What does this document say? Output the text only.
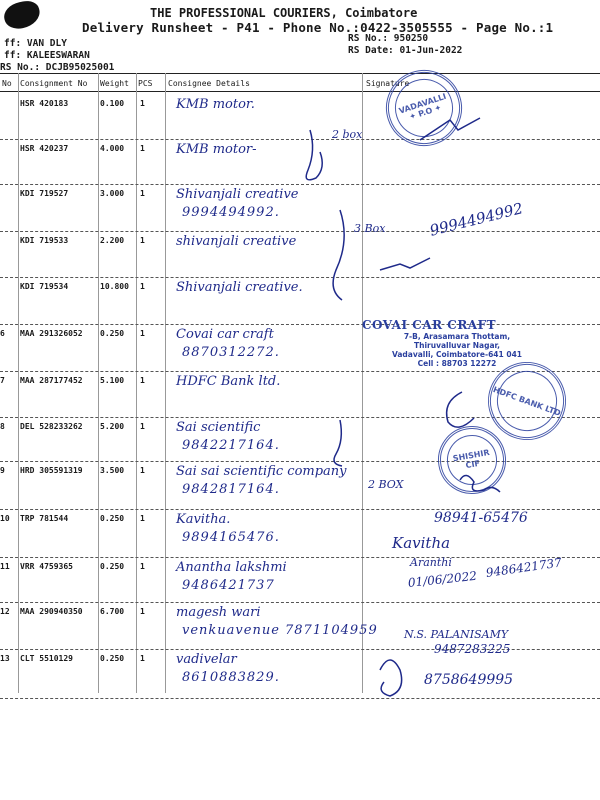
THE PROFESSIONAL COURIERS, Coimbatore
Delivery Runsheet - P41 - Phone No.:0422-3505555 - Page No.:1
ff: VAN DLY
ff: KALEESWARAN
RS No.: DCJB95025001
RS No.: 950250
RS Date: 01-Jun-2022
No Consignment No Weight PCS Consignee Details	Signature
HSR 420183	0.100 1 KMB motor.
HSR 420237	4.000 1 KMB motor-
KDI 719527	3.000 1 Shivanjali creative
9994494992.
KDI 719533	2.200 1 shivanjali creative
KDI 719534	10.800 1 Shivanjali creative.
6 MAA 291326052 0.250 1 Covai car craft
8870312272.
7 MAA 287177452 5.100 1 HDFC Bank ltd.
8 DEL 528233262 5.200 1 Sai scientific
9842217164.
9 HRD 305591319 3.500 1 Sai sai scientific company
9842817164.
10 TRP 781544	0.250 1 Kavitha.
9894165476.
11 VRR 4759365	0.250 1 Anantha lakshmi
9486421737
12 MAA 290940350 6.700 1 magesh wari
venkuavenue 7871104959
13 CLT 5510129	0.250 1 vadivelar
8610883829.
VADAVALLI
✦ P.O ✦
HDFC BANK LTD
SHISHIR
CIF
COVAI CAR CRAFT
7-B, Arasamara Thottam,
Thiruvalluvar Nagar,
Vadavalli, Coimbatore-641 041
Cell : 88703 12272
2 box
9994494992
3 Box
2 BOX
98941-65476
Kavitha
01/06/2022 9486421737
Aranthi
N.S. PALANISAMY
9487283225
8758649995
